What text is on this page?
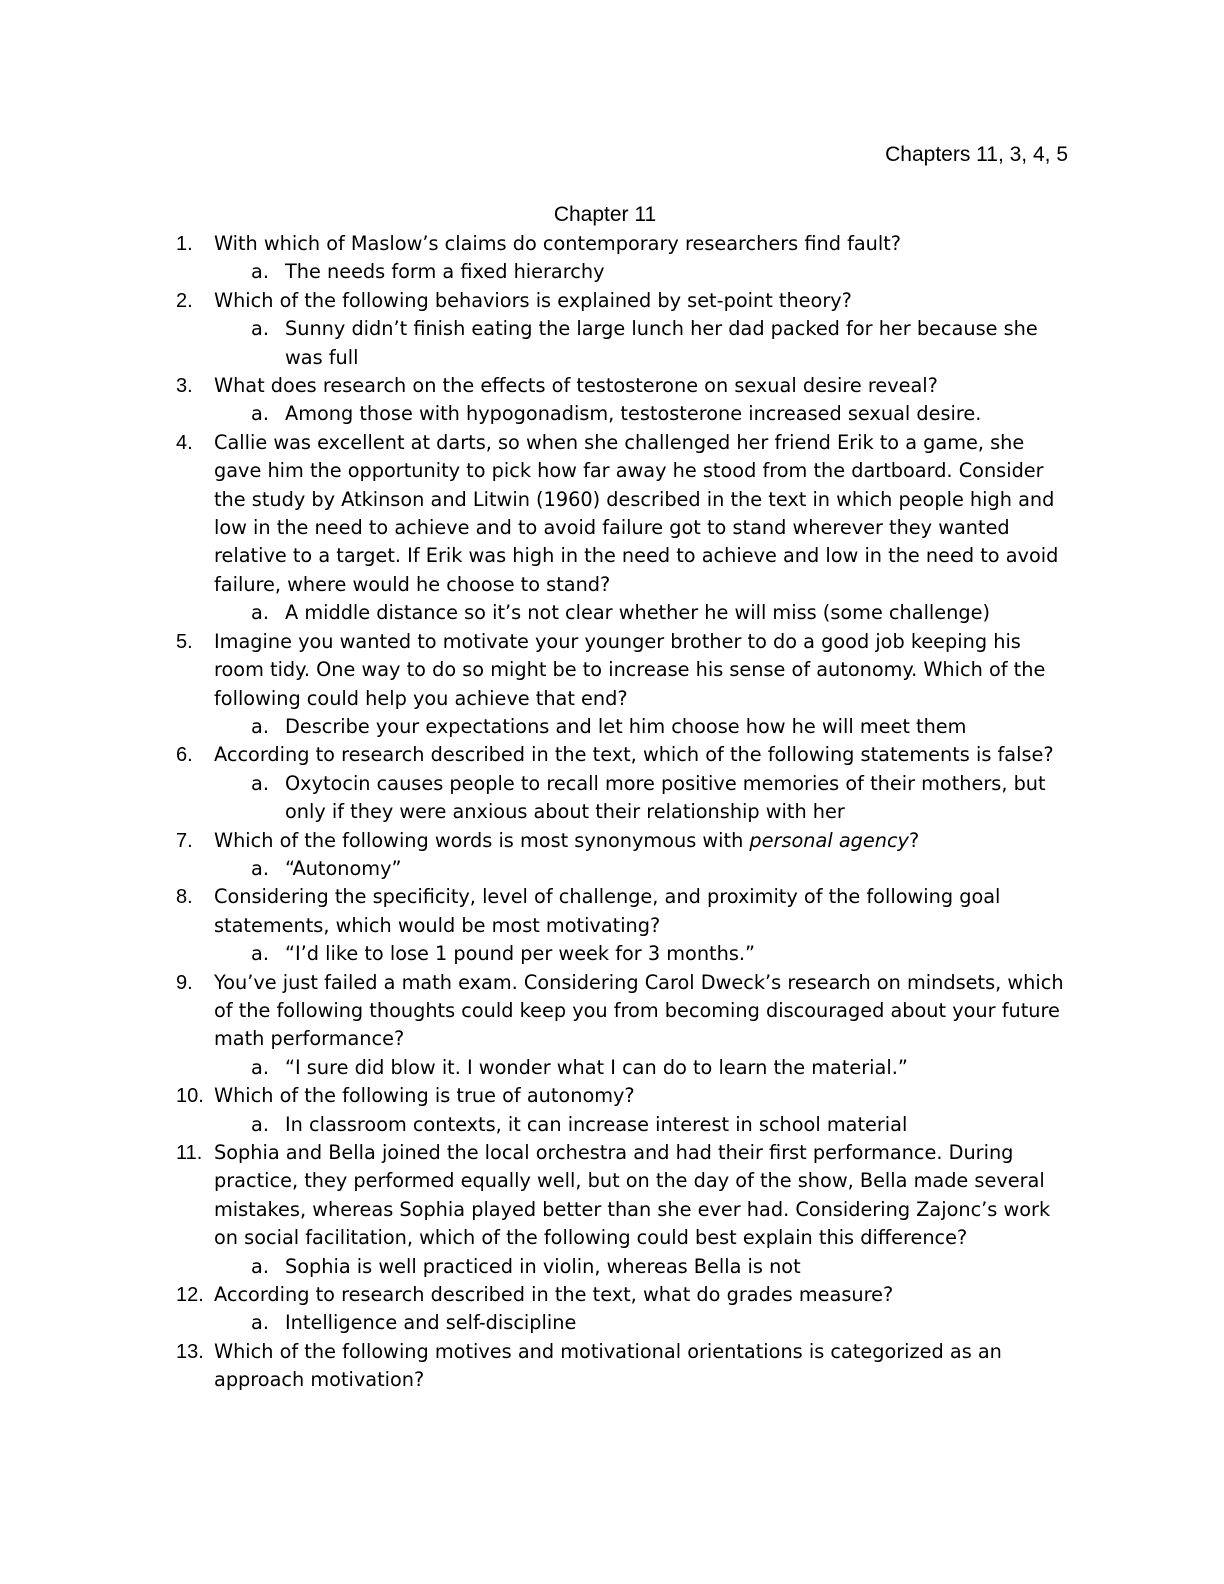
Chapters 11, 3, 4, 5
Chapter 11
1. With which of Maslow’s claims do contemporary researchers find fault?
a. The needs form a fixed hierarchy
2. Which of the following behaviors is explained by set-point theory?
a. Sunny didn’t finish eating the large lunch her dad packed for her because she was full
3. What does research on the effects of testosterone on sexual desire reveal?
a. Among those with hypogonadism, testosterone increased sexual desire.
4. Callie was excellent at darts, so when she challenged her friend Erik to a game, she gave him the opportunity to pick how far away he stood from the dartboard. Consider the study by Atkinson and Litwin (1960) described in the text in which people high and low in the need to achieve and to avoid failure got to stand wherever they wanted relative to a target. If Erik was high in the need to achieve and low in the need to avoid failure, where would he choose to stand?
a. A middle distance so it’s not clear whether he will miss (some challenge)
5. Imagine you wanted to motivate your younger brother to do a good job keeping his room tidy. One way to do so might be to increase his sense of autonomy. Which of the following could help you achieve that end?
a. Describe your expectations and let him choose how he will meet them
6. According to research described in the text, which of the following statements is false?
a. Oxytocin causes people to recall more positive memories of their mothers, but only if they were anxious about their relationship with her
7. Which of the following words is most synonymous with personal agency?
a. “Autonomy”
8. Considering the specificity, level of challenge, and proximity of the following goal statements, which would be most motivating?
a. “I’d like to lose 1 pound per week for 3 months.”
9. You’ve just failed a math exam. Considering Carol Dweck’s research on mindsets, which of the following thoughts could keep you from becoming discouraged about your future math performance?
a. “I sure did blow it. I wonder what I can do to learn the material.”
10. Which of the following is true of autonomy?
a. In classroom contexts, it can increase interest in school material
11. Sophia and Bella joined the local orchestra and had their first performance. During practice, they performed equally well, but on the day of the show, Bella made several mistakes, whereas Sophia played better than she ever had. Considering Zajonc’s work on social facilitation, which of the following could best explain this difference?
a. Sophia is well practiced in violin, whereas Bella is not
12. According to research described in the text, what do grades measure?
a. Intelligence and self-discipline
13. Which of the following motives and motivational orientations is categorized as an approach motivation?
